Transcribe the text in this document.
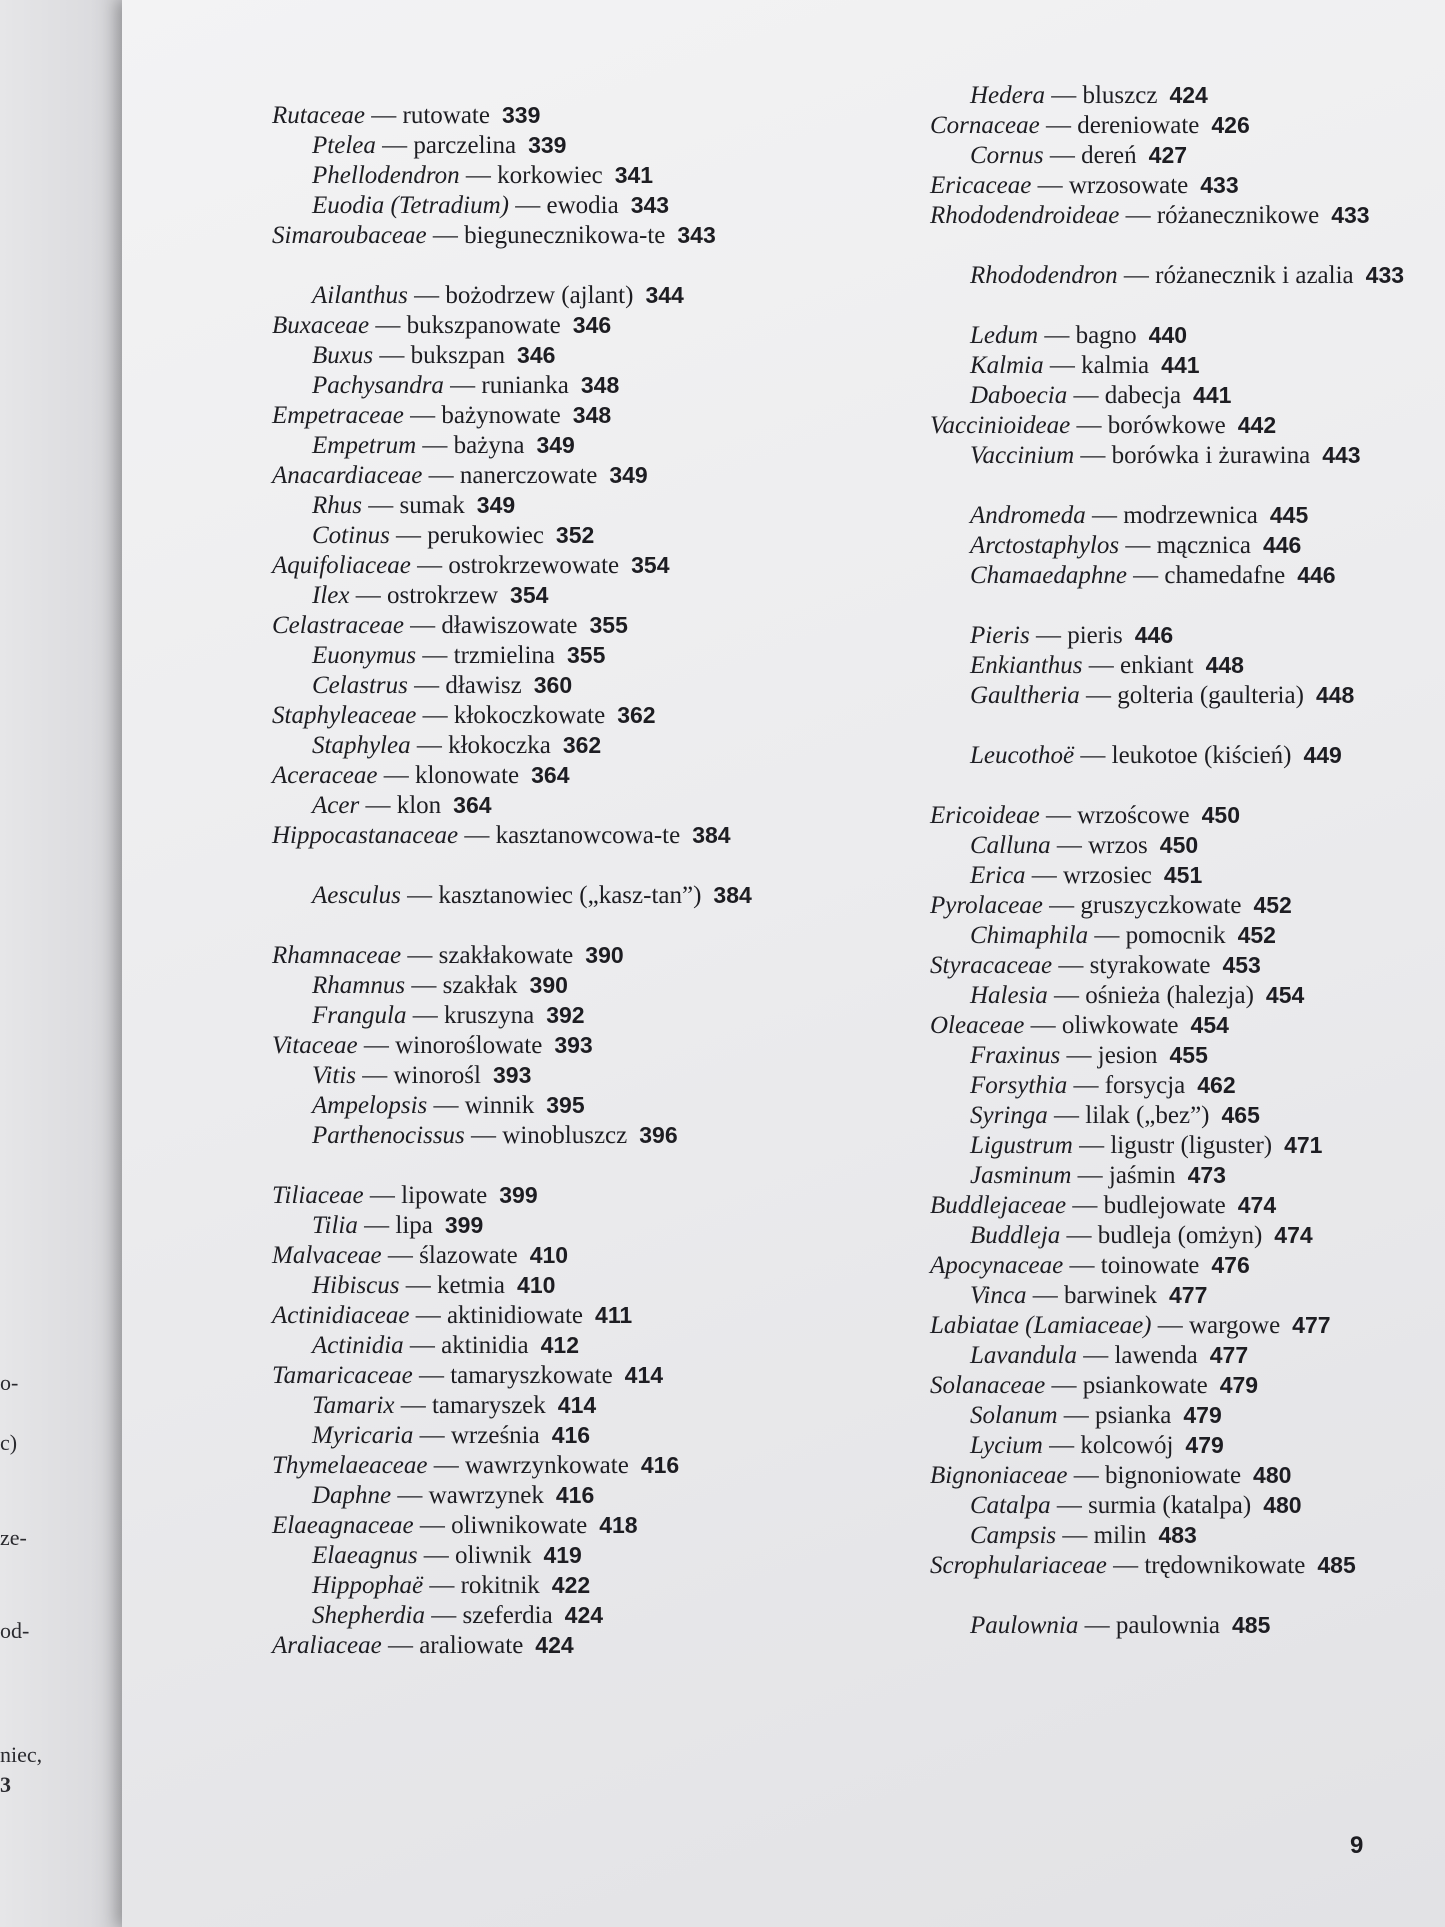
o-
c)
ze-
od-
niec,
3
Rutaceae — rutowate 339
Ptelea — parczelina 339
Phellodendron — korkowiec 341
Euodia (Tetradium) — ewodia 343
Simaroubaceae — biegunecznikowa-te 343
Ailanthus — bożodrzew (ajlant) 344
Buxaceae — bukszpanowate 346
Buxus — bukszpan 346
Pachysandra — runianka 348
Empetraceae — bażynowate 348
Empetrum — bażyna 349
Anacardiaceae — nanerczowate 349
Rhus — sumak 349
Cotinus — perukowiec 352
Aquifoliaceae — ostrokrzewowate 354
Ilex — ostrokrzew 354
Celastraceae — dławiszowate 355
Euonymus — trzmielina 355
Celastrus — dławisz 360
Staphyleaceae — kłokoczkowate 362
Staphylea — kłokoczka 362
Aceraceae — klonowate 364
Acer — klon 364
Hippocastanaceae — kasztanowcowa-te 384
Aesculus — kasztanowiec („kasz-tan”) 384
Rhamnaceae — szakłakowate 390
Rhamnus — szakłak 390
Frangula — kruszyna 392
Vitaceae — winoroślowate 393
Vitis — winorośl 393
Ampelopsis — winnik 395
Parthenocissus — winobluszcz 396
Tiliaceae — lipowate 399
Tilia — lipa 399
Malvaceae — ślazowate 410
Hibiscus — ketmia 410
Actinidiaceae — aktinidiowate 411
Actinidia — aktinidia 412
Tamaricaceae — tamaryszkowate 414
Tamarix — tamaryszek 414
Myricaria — września 416
Thymelaeaceae — wawrzynkowate 416
Daphne — wawrzynek 416
Elaeagnaceae — oliwnikowate 418
Elaeagnus — oliwnik 419
Hippophaë — rokitnik 422
Shepherdia — szeferdia 424
Araliaceae — araliowate 424
Hedera — bluszcz 424
Cornaceae — dereniowate 426
Cornus — dereń 427
Ericaceae — wrzosowate 433
Rhododendroideae — różanecznikowe 433
Rhododendron — różanecznik i azalia 433
Ledum — bagno 440
Kalmia — kalmia 441
Daboecia — dabecja 441
Vaccinioideae — borówkowe 442
Vaccinium — borówka i żurawina 443
Andromeda — modrzewnica 445
Arctostaphylos — mącznica 446
Chamaedaphne — chamedafne 446
Pieris — pieris 446
Enkianthus — enkiant 448
Gaultheria — golteria (gaulteria) 448
Leucothoë — leukotoe (kiścień) 449
Ericoideae — wrzoścowe 450
Calluna — wrzos 450
Erica — wrzosiec 451
Pyrolaceae — gruszyczkowate 452
Chimaphila — pomocnik 452
Styracaceae — styrakowate 453
Halesia — ośnieża (halezja) 454
Oleaceae — oliwkowate 454
Fraxinus — jesion 455
Forsythia — forsycja 462
Syringa — lilak („bez”) 465
Ligustrum — ligustr (liguster) 471
Jasminum — jaśmin 473
Buddlejaceae — budlejowate 474
Buddleja — budleja (omżyn) 474
Apocynaceae — toinowate 476
Vinca — barwinek 477
Labiatae (Lamiaceae) — wargowe 477
Lavandula — lawenda 477
Solanaceae — psiankowate 479
Solanum — psianka 479
Lycium — kolcowój 479
Bignoniaceae — bignoniowate 480
Catalpa — surmia (katalpa) 480
Campsis — milin 483
Scrophulariaceae — trędownikowate 485
Paulownia — paulownia 485
9
